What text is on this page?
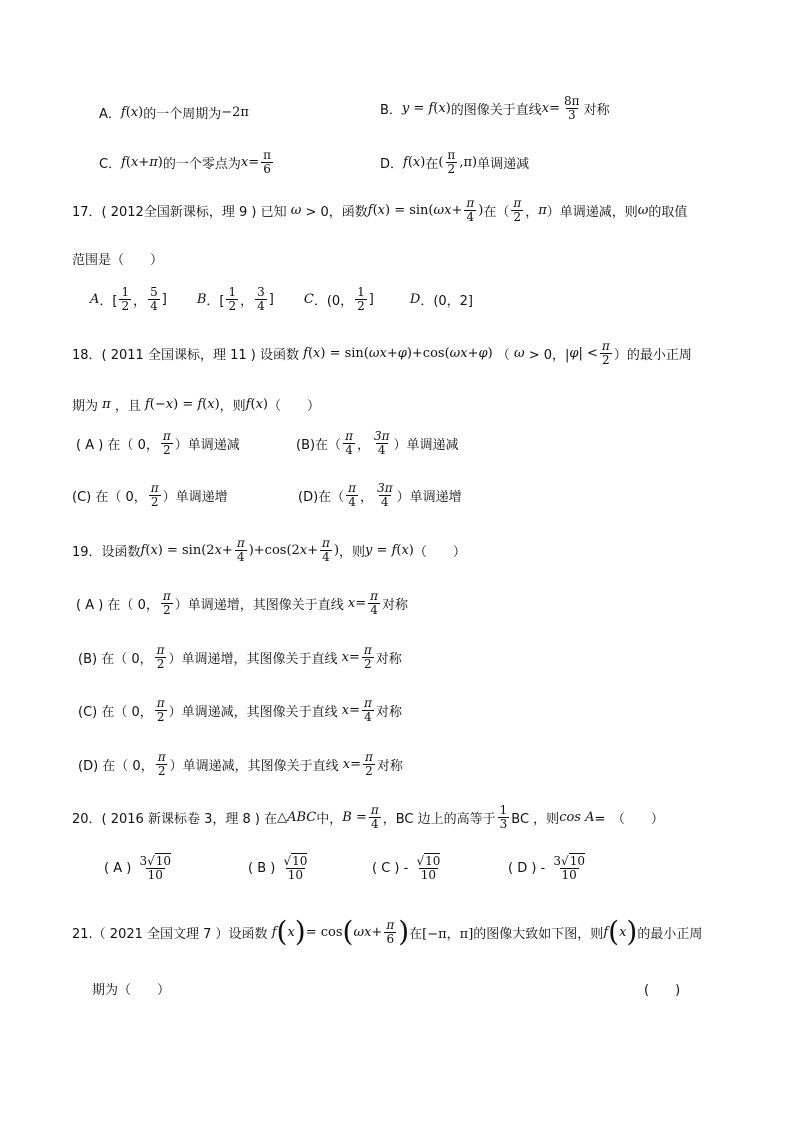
A． f ( x ) 的一个周期为 −2π	B． y = f ( x ) 的图像关于直线 $x = \frac{8\pi}{3}$ 对称
C． f ( x + π ) 的一个零点为 $x = \frac{\pi}{6}$	D． f ( x ) 在 ( $\frac{\pi}{2} ,\pi$) 单调递减
17．( 2012全国新课标，理 9 ) 已知 ω > 0，函数 f ( x ) = sin( $\omega x + \frac{\pi}{4}$ ) 在（ $\frac{\pi}{2}$ ， π ）单调递减，则 ω 的取值
范围是（　　）
A ．[ $\frac{1}{2}$ ， $\frac{5}{4}$ ] B ．[ $\frac{1}{2}$ ， $\frac{3}{4}$ ] C ．(0， $\frac{1}{2}$ ]	D ．(0，2]
18．( 2011 全国课标，理 11 ) 设函数 f ( x ) = sin( ωx + φ )+cos( ωx + φ ) （ ω > 0，| φ | < $\frac{\pi}{2}$ ）的最小正周
期为 π ，且 f (− x ) = f ( x ) ，则 f ( x ) （　　）
( A ) 在（ 0， $\frac{\pi}{2}$ ）单调递减	(B)在（ $\frac{\pi}{4}$ ， $\frac{3\pi}{4}$ ）单调递减
(C) 在（ 0， $\frac{\pi}{2}$ ）单调递增	(D)在（ $\frac{\pi}{4}$ ， $\frac{3\pi}{4}$ ）单调递增
19．设函数 f ( x ) = sin(2 $x + \frac{\pi}{4} )+\cos(2$ $x + \frac{\pi}{4}$ ) ，则 y = f ( x ) （　　）
( A ) 在（ 0， $\frac{\pi}{2}$ ）单调递增，其图像关于直线 $x = \frac{\pi}{4}$ 对称
(B) 在（ 0， $\frac{\pi}{2}$ ）单调递增，其图像关于直线 $x = \frac{\pi}{2}$ 对称
(C) 在（ 0， $\frac{\pi}{2}$ ）单调递减，其图像关于直线 $x = \frac{\pi}{4}$ 对称
(D) 在（ 0， $\frac{\pi}{2}$ ）单调递减，其图像关于直线 $x = \frac{\pi}{2}$ 对称
20．( 2016 新课标卷 3，理 8 ) 在 △ABC 中， $B = \frac{\pi}{4}$ ，BC 边上的高等于 $\frac{1}{3}$ BC ，则 cos A =　（　　）
( A )
$\frac{3√10}{10}$	( B )
$\frac{√10}{10}$	( C ) -
$\frac{√10}{10}$	( D ) -
$\frac{3√10}{10}$
21.（ 2021 全国文理 7 ）设函数 f ( x ) = cos ( $\omega x + \frac{\pi}{6}$ ) 在 [−π，π] 的图像大致如下图，则 f ( x ) 的最小正周
期为（　　）	(　　)
